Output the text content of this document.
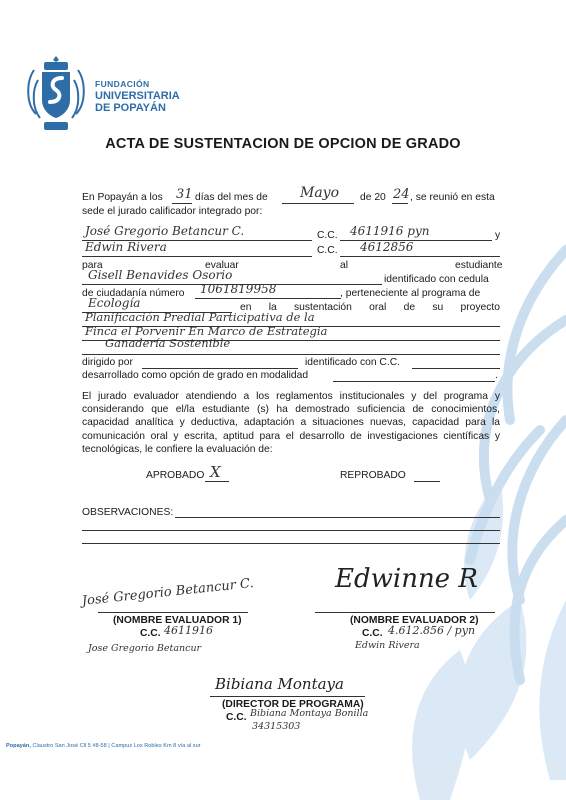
FUNDACIÓN
UNIVERSITARIA
DE POPAYÁN
ACTA DE SUSTENTACION DE OPCION DE GRADO
En Popayán a los 31 días del mes de Mayo de 20 24 , se reunió en esta
sede el jurado calificador integrado por:
José Gregorio Betancur C.	C.C. 4611916 pyn	y
Edwin Rivera	C.C. 4612856
para	evaluar	al	estudiante
Gisell Benavides Osorio	identificado con cedula
de ciudadanía número 1061819958	, perteneciente al programa de
Ecología	en la sustentación oral de su proyecto
Planificación Predial Participativa de la
Finca el Porvenir En Marco de Estrategia
Ganadería Sostenible
dirigido por	identificado con C.C.
desarrollado como opción de grado en modalidad	.
El jurado evaluador atendiendo a los reglamentos institucionales y del programa y considerando que el/la estudiante (s) ha demostrado suficiencia de conocimientos, capacidad analítica y deductiva, adaptación a situaciones nuevas, capacidad para la comunicación oral y escrita, aptitud para el desarrollo de investigaciones científicas y tecnológicas, le confiere la evaluación de:
APROBADO X	REPROBADO
OBSERVACIONES:
José Gregorio Betancur C.
(NOMBRE EVALUADOR 1)
C.C. 4611916
Jose Gregorio Betancur
Edwinne R
(NOMBRE EVALUADOR 2)
C.C. 4.612.856 / pyn
Edwin Rivera
Bibiana Montaya
(DIRECTOR DE PROGRAMA)
C.C. Bibiana Montaya Bonilla
34315303
Popayán, Claustro San José Cll 5 #8-58 | Campus Los Robles Km 8 vía al sur
